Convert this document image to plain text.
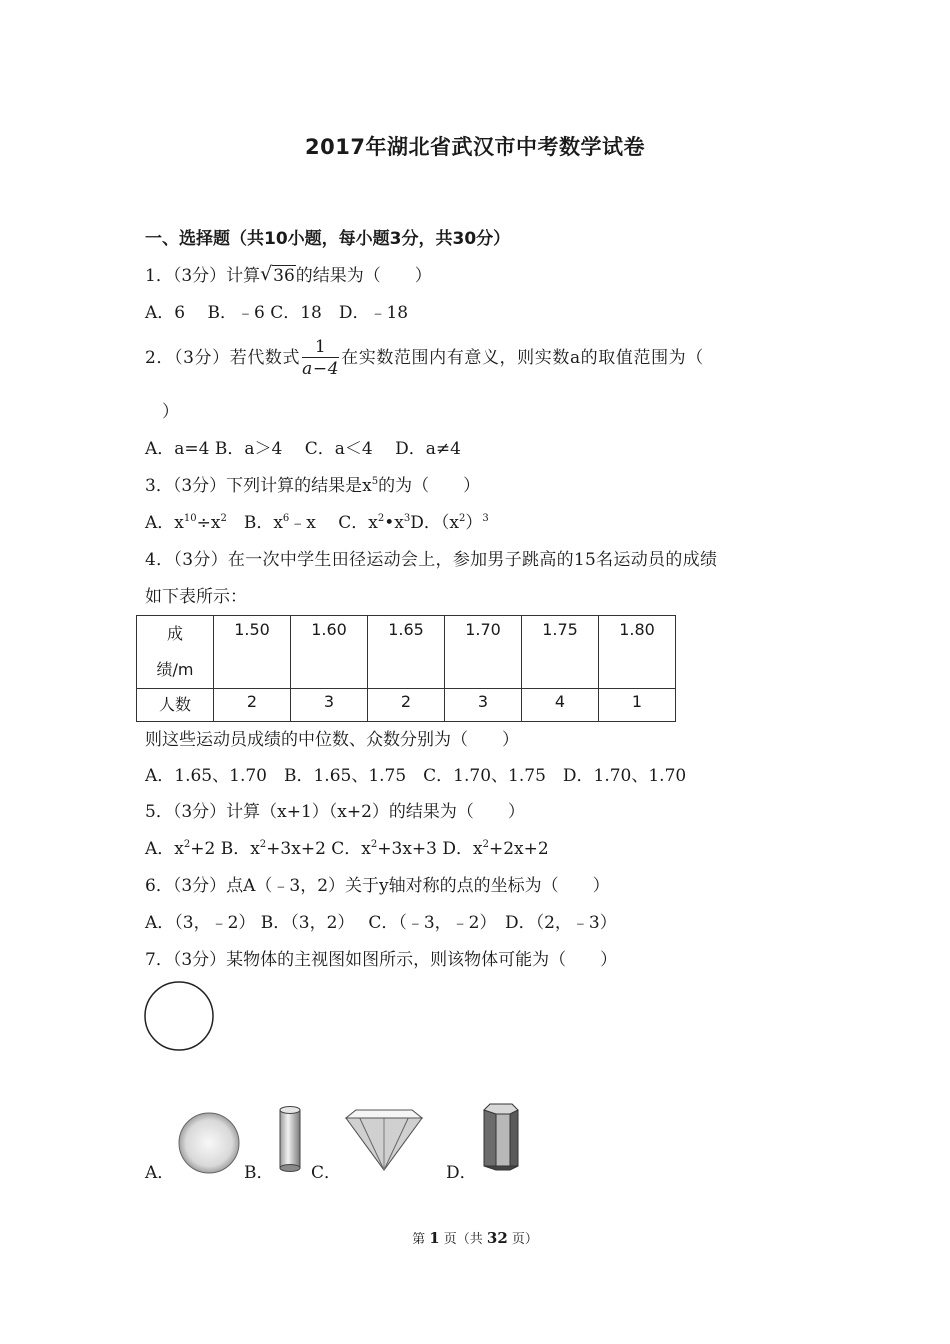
2017年湖北省武汉市中考数学试卷
一、选择题（共10小题，每小题3分，共30分）
1．（3分）计算 √ 36的结果为（　　）
A．6　 B．﹣6 C．18　D．﹣18
2．（3分）若代数式 $\frac{1}{a-4}$ 在实数范围内有意义，则实数a的取值范围为（
）
A．a=4 B．a＞4　 C．a＜4　 D．a≠4
3．（3分）下列计算的结果是$x^5$的为（　　）
A．$x^{10}\div x^2$　B．$x^6﹣x$　 C．$x^2•x^3D$．$(x^2)^3$
4．（3分）在一次中学生田径运动会上，参加男子跳高的15名运动员的成绩
如下表所示：
成
绩/m	1.50	1.60	1.65	1.70	1.75	1.80
人数	2	3	2	3	4	1
则这些运动员成绩的中位数、众数分别为（　　）
A．1.65、1.70　B．1.65、1.75　C．1.70、1.75　D．1.70、1.70
5．（3分）计算（x+1）（x+2）的结果为（　　）
A．$x^2+2$ B．$x^2+3x+2$ C．$x^2+3x+3$ D．$x^2+2x+2$
6．（3分）点A（﹣3，2）关于y轴对称的点的坐标为（　　）
A．（3，﹣2） B．（3，2）　 C．（﹣3，﹣2）　D．（2，﹣3）
7．（3分）某物体的主视图如图所示，则该物体可能为（　　）
A．	B． C．	D．
第 1 页（共 32 页）
